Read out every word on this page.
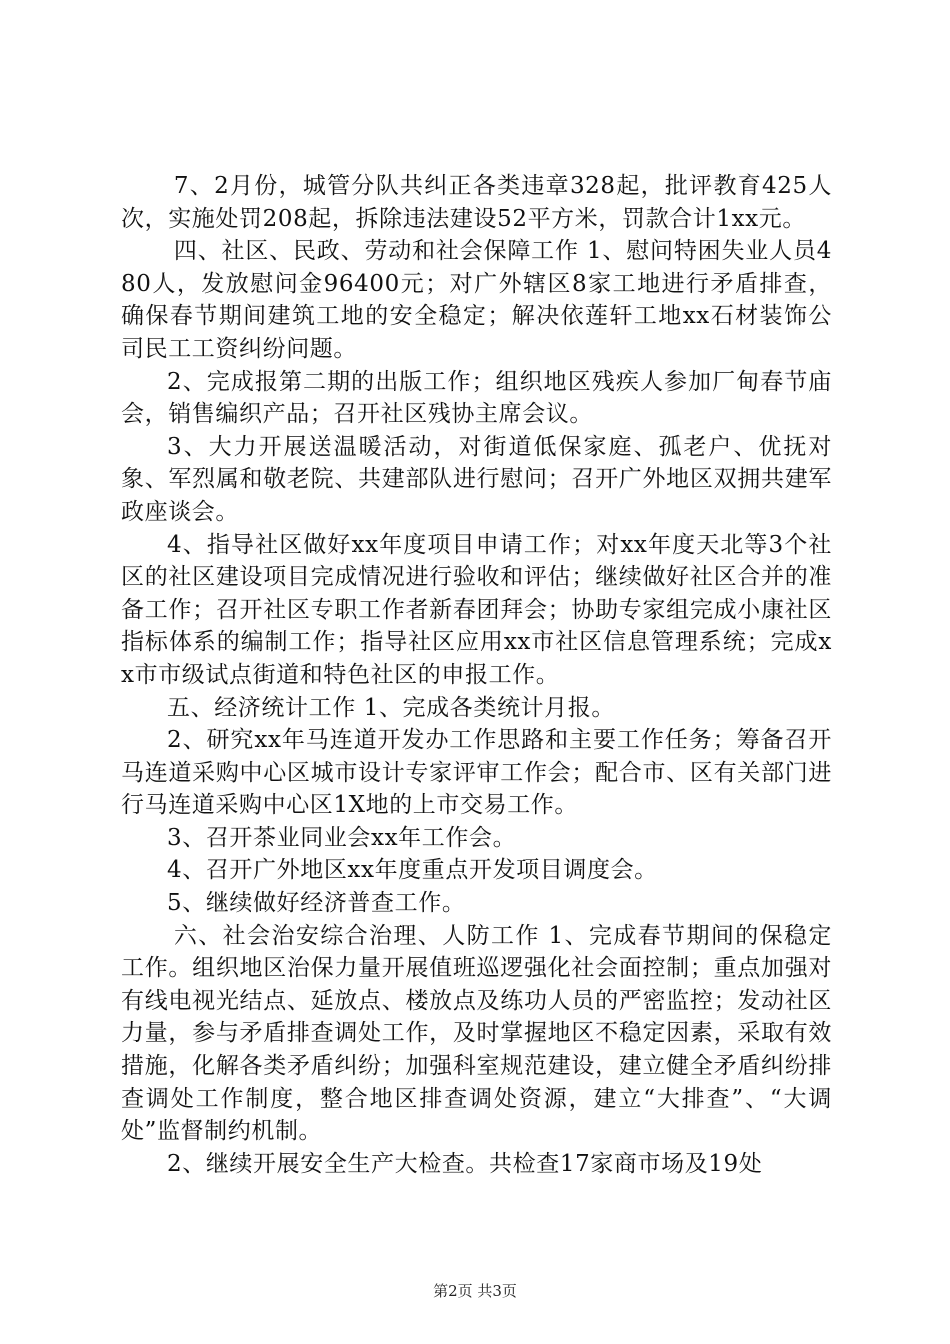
7、2月份，城管分队共纠正各类违章328起，批评教育425人次，实施处罚208起，拆除违法建设52平方米，罚款合计1xx元。

四、社区、民政、劳动和社会保障工作 1、慰问特困失业人员480人，发放慰问金96400元；对广外辖区8家工地进行矛盾排查，确保春节期间建筑工地的安全稳定；解决依莲轩工地xx石材装饰公司民工工资纠纷问题。

2、完成报第二期的出版工作；组织地区残疾人参加厂甸春节庙会，销售编织产品；召开社区残协主席会议。

3、大力开展送温暖活动，对街道低保家庭、孤老户、优抚对象、军烈属和敬老院、共建部队进行慰问；召开广外地区双拥共建军政座谈会。

4、指导社区做好xx年度项目申请工作；对xx年度天北等3个社区的社区建设项目完成情况进行验收和评估；继续做好社区合并的准备工作；召开社区专职工作者新春团拜会；协助专家组完成小康社区指标体系的编制工作；指导社区应用xx市社区信息管理系统；完成xx市市级试点街道和特色社区的申报工作。

五、经济统计工作 1、完成各类统计月报。

2、研究xx年马连道开发办工作思路和主要工作任务；筹备召开马连道采购中心区城市设计专家评审工作会；配合市、区有关部门进行马连道采购中心区1X地的上市交易工作。

3、召开茶业同业会xx年工作会。

4、召开广外地区xx年度重点开发项目调度会。

5、继续做好经济普查工作。

六、社会治安综合治理、人防工作 1、完成春节期间的保稳定工作。组织地区治保力量开展值班巡逻强化社会面控制；重点加强对有线电视光结点、延放点、楼放点及练功人员的严密监控；发动社区力量，参与矛盾排查调处工作，及时掌握地区不稳定因素，采取有效措施，化解各类矛盾纠纷；加强科室规范建设，建立健全矛盾纠纷排查调处工作制度，整合地区排查调处资源，建立“大排查”、“大调处”监督制约机制。

2、继续开展安全生产大检查。共检查17家商市场及19处

第2页 共3页
